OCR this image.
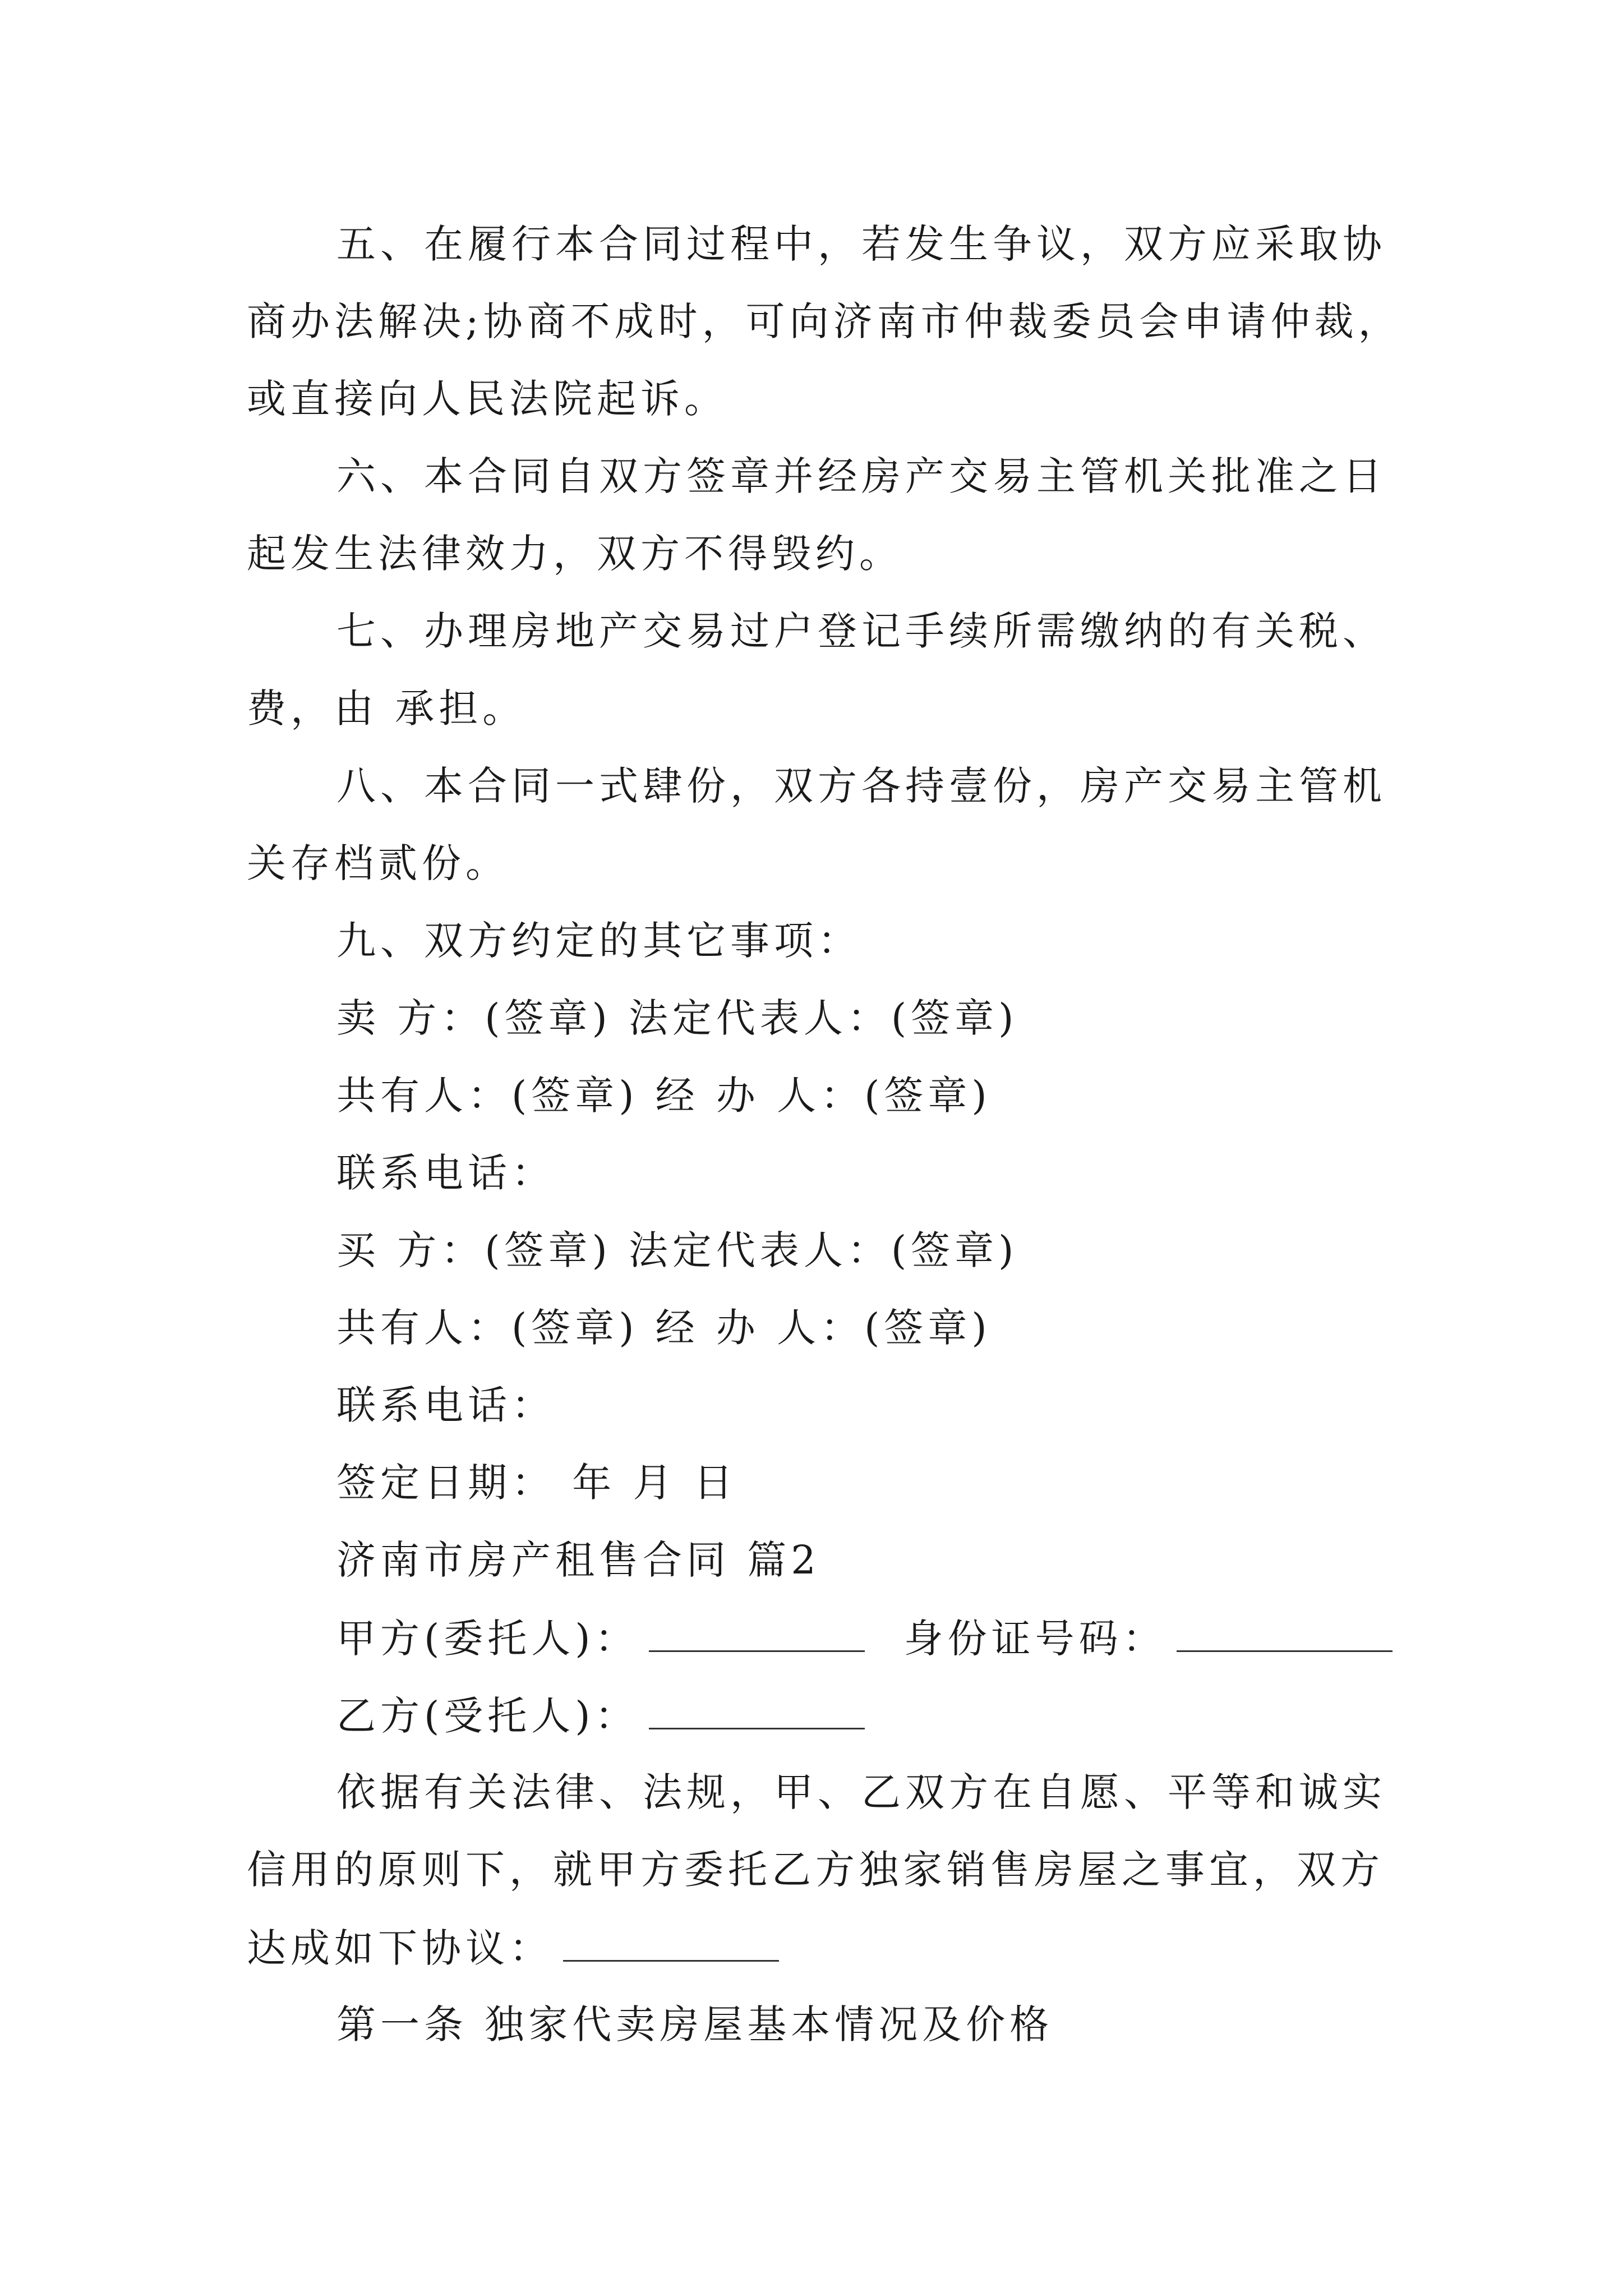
五、在履行本合同过程中，若发生争议，双方应采取协
商办法解决;协商不成时，可向济南市仲裁委员会申请仲裁，
或直接向人民法院起诉。
六、本合同自双方签章并经房产交易主管机关批准之日
起发生法律效力，双方不得毁约。
七、办理房地产交易过户登记手续所需缴纳的有关税、
费，由 承担。
八、本合同一式肆份，双方各持壹份，房产交易主管机
关存档贰份。
九、双方约定的其它事项：
卖 方：(签章) 法定代表人：(签章)
共有人：(签章) 经 办 人：(签章)
联系电话：
买 方：(签章) 法定代表人：(签章)
共有人：(签章) 经 办 人：(签章)
联系电话：
签定日期： 年 月 日
济南市房产租售合同 篇2
甲方(委托人)：	身份证号码：
乙方(受托人)：
依据有关法律、法规，甲、乙双方在自愿、平等和诚实
信用的原则下，就甲方委托乙方独家销售房屋之事宜，双方
达成如下协议：
第一条 独家代卖房屋基本情况及价格
